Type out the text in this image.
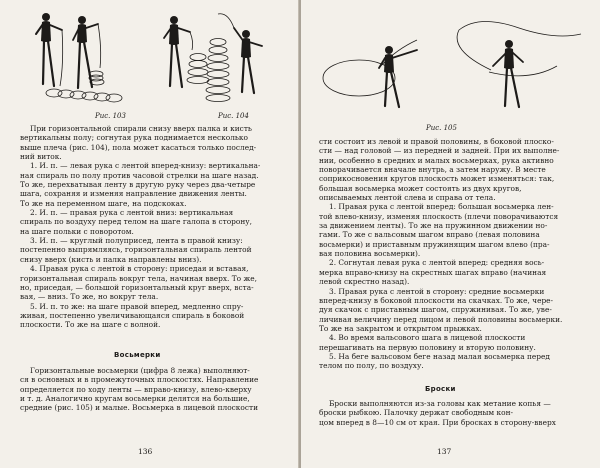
Рис. 103	Рис. 104
При горизонтальной спирали снизу вверх палка и кисть
вертикальны полу; согнутая рука поднимается несколько
выше плеча (рис. 104), пола может касаться только послед-
ний виток.
1. И. п. — левая рука с лентой вперед-книзу: вертикальна-
ная спираль по полу против часовой стрелки на шаге назад.
То же, перехватывая ленту в другую руку через два-четыре
шага, сохраняя и изменяя направление движения ленты.
То же на переменном шаге, на подскоках.
2. И. п. — правая рука с лентой вниз: вертикальная
спираль по воздуху перед телом на шаге галопа в сторону,
на шаге польки с поворотом.
3. И. п. — круглый полуприсед, лента в правой книзу:
постепенно выпрямляясь, горизонтальная спираль лентой
снизу вверх (кисть и палка направлены вниз).
4. Правая рука с лентой в сторону: приседая и вставая,
горизонтальная спираль вокруг тела, начиная вверх. То же,
но, приседая, — большой горизонтальный круг вверх, вста-
вая, — вниз. То же, но вокруг тела.
5. И. п. то же: на шаге правой вперед, медленно спру-
живая, постепенно увеличивающаяся спираль в боковой
плоскости. То же на шаге с волной.
Восьмерки
Горизонтальные восьмерки (цифра 8 лежа) выполняют-
ся в основных и в промежуточных плоскостях. Направление
определяется по ходу ленты — вправо-книзу, влево-кверху
и т. д. Аналогично кругам восьмерки делятся на большие,
средние (рис. 105) и малые. Восьмерка в лицевой плоскости
136
Рис. 105
сти состоит из левой и правой половины, в боковой плоско-
сти — над головой — из передней и задней. При их выполне-
нии, особенно в средних и малых восьмерках, рука активно
поворачивается вначале внутрь, а затем наружу. В месте
соприкосновения кругов плоскость может изменяться: так,
большая восьмерка может состоять из двух кругов,
описываемых лентой слева и справа от тела.
1. Правая рука с лентой вперед: большая восьмерка лен-
той влево-книзу, изменяя плоскость (плечи поворачиваются
за движением ленты). То же на пружинном движении но-
гами. То же с вальсовым шагом вправо (левая половина
восьмерки) и приставным пружинящим шагом влево (пра-
вая половина восьмерки).
2. Согнутая левая рука с лентой вперед: средняя вось-
мерка вправо-книзу на скрестных шагах вправо (начиная
левой скрестно назад).
3. Правая рука с лентой в сторону: средние восьмерки
вперед-книзу в боковой плоскости на скачках. То же, чере-
дуя скачок с приставным шагом, спружинивая. То же, уве-
личивая величину перед лицом и левой половины восьмерки.
То же на закрытом и открытом прыжках.
4. Во время вальсового шага в лицевой плоскости
перешагивать на первую половину и вторую половину.
5. На беге вальсовом беге назад малая восьмерка перед
телом по полу, по воздуху.
Броски
Броски выполняются из-за головы как метание копья —
броски рыбкою. Палочку держат свободным кон-
цом вперед в 8—10 см от края. При бросках в сторону-вверх
137
